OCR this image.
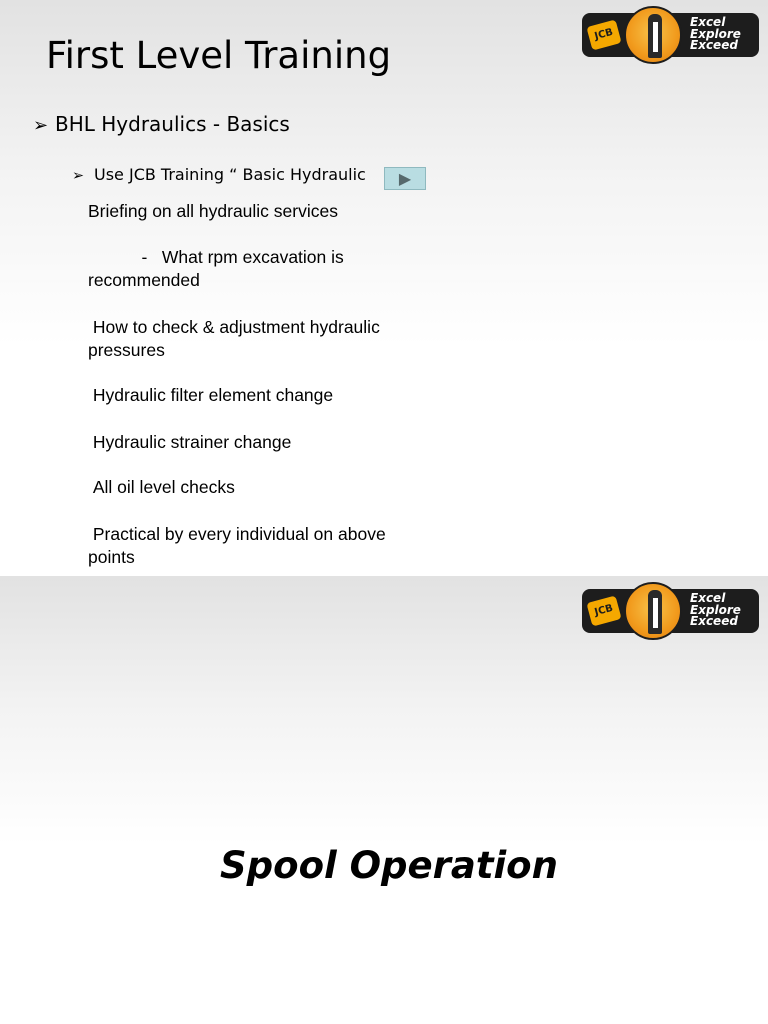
JCB
Excel
Explore
Exceed
First Level Training
➢ BHL Hydraulics - Basics
➢ Use JCB Training “ Basic Hydraulic	▶

Briefing on all hydraulic services

-   What rpm excavation is recommended

How to check & adjustment hydraulic pressures

Hydraulic filter element change

Hydraulic strainer change

All oil level checks

Practical by every individual on above points

JCB
Excel
Explore
Exceed
Spool Operation
